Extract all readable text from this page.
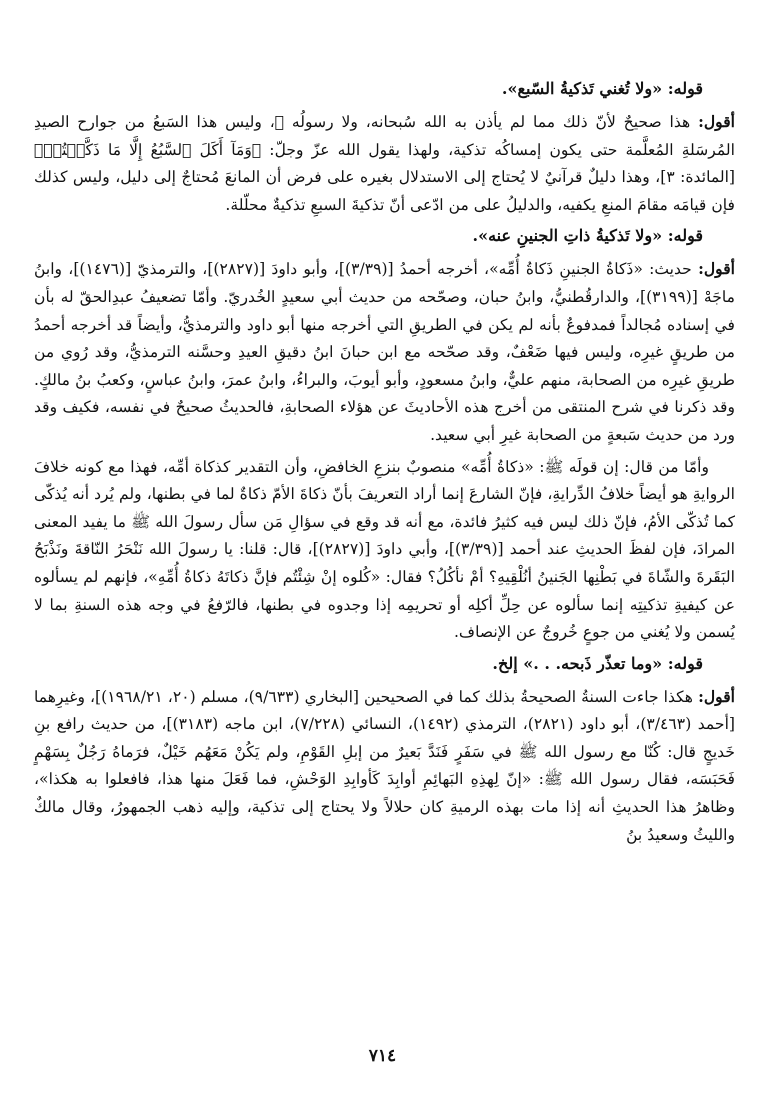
قوله: «ولا تُغني تَذكيةُ السّبع».

أقول: هذا صحيحٌ لأنّ ذلك مما لم يأذن به الله سُبحانه، ولا رسولُه ﷺ، وليس هذا السَبعُ من جوارح الصيدِ المُرسَلةِ المُعلَّمة حتى يكون إمساكُه تذكية، ولهذا يقول الله عزّ وجلّ: ﴿وَمَآ أَكَلَ ٱلسَّبُعُ إِلَّا مَا ذَكَّيۡتُمۡ﴾ [المائدة: ٣]، وهذا دليلٌ قرآنيٌ لا يُحتاج إلى الاستدلال بغيره على فرض أن المانعَ مُحتاجٌ إلى دليل، وليس كذلك فإن قيامَه مقامَ المنعِ يكفيه، والدليلُ على من ادّعى أنّ تذكيةَ السبعِ تذكيةٌ محلّلة.

قوله: «ولا تَذكيةُ ذاتِ الجنينِ عنه».

أقول: حديث: «ذَكاةُ الجنينِ ذَكاةُ أُمِّه»، أخرجه أحمدُ [(٣/٣٩)]، وأبو داودَ [(٢٨٢٧)]، والترمذيّ [(١٤٧٦)]، وابنُ ماجَهْ [(٣١٩٩)]، والدارقُطنيُّ، وابنُ حبان، وصحّحه من حديث أبي سعيدٍ الخُدريّ. وأمّا تضعيفُ عبدِالحقّ له بأن في إسناده مُجالداً فمدفوعٌ بأنه لم يكن في الطريقِ التي أخرجه منها أبو داود والترمذيُّ، وأيضاً قد أخرجه أحمدُ من طريقٍ غيرِه، وليس فيها ضَعْفٌ، وقد صحّحه مع ابن حبانَ ابنُ دقيقِ العيدِ وحسَّنه الترمذيُّ، وقد رُوي من طريقِ غيرِه من الصحابة، منهم عليٌّ، وابنُ مسعودٍ، وأبو أيوبَ، والبراءُ، وابنُ عمرَ، وابنُ عباسٍ، وكعبُ بنُ مالكٍ. وقد ذكرنا في شرح المنتقى من أخرج هذه الأحاديثَ عن هؤلاء الصحابةِ، فالحديثُ صحيحٌ في نفسه، فكيف وقد ورد من حديث سَبعةٍ من الصحابة غيرِ أبي سعيد.

وأمّا من قال: إن قولَه ﷺ: «ذكاةُ أُمِّه» منصوبٌ بنزعِ الخافضِ، وأن التقدير كذكاة أمِّه، فهذا مع كونه خلافَ الروايةِ هو أيضاً خلافُ الدِّرايةِ، فإنّ الشارعَ إنما أراد التعريفَ بأنّ ذكاةَ الأمّ ذكاةٌ لما في بطنها، ولم يُرد أنه يُذكّى كما تُذكّى الأمُ، فإنّ ذلك ليس فيه كثيرُ فائدة، مع أنه قد وقع في سؤالِ مَن سأل رسولَ الله ﷺ ما يفيد المعنى المرادَ، فإن لفظَ الحديثِ عند أحمد [(٣/٣٩)]، وأبي داودَ [(٢٨٢٧)]، قال: قلنا: يا رسولَ الله نَنْحَرُ النّاقةَ ونَذْبَحُ البَقَرةَ والشّاةَ في بَطْنِها الجَنينُ أنُلْقِيهِ؟ أمْ نأكُلُ؟ فقال: «كُلوه إنْ شِئْتُم فإنَّ ذكاتَهُ ذكاةُ أُمِّهِ»، فإنهم لم يسألوه عن كيفيةِ تذكيتِه إنما سألوه عن حِلِّ أكلِه أو تحريمِه إذا وجدوه في بطنها، فالرّفعُ في وجه هذه السنةِ بما لا يُسمن ولا يُغني من جوعٍ خُروجٌ عن الإنصاف.

قوله: «وما تعذّر ذَبحه. . .» إلخ.

أقول: هكذا جاءت السنةُ الصحيحةُ بذلك كما في الصحيحين [البخاري (٩/٦٣٣)، مسلم (٢٠، ١٩٦٨/٢١)]، وغيرِهما [أحمد (٣/٤٦٣)، أبو داود (٢٨٢١)، الترمذي (١٤٩٢)، النسائي (٧/٢٢٨)، ابن ماجه (٣١٨٣)]، من حديث رافع بنِ خَديجٍ قال: كُنّا مع رسول الله ﷺ في سَفَرٍ فَنَدَّ بَعيرٌ من إبلِ القَوْمِ، ولم يَكُنْ مَعَهُم خَيْلٌ، فرَماهُ رَجُلٌ بِسَهْمٍ فَحَبَسَه، فقال رسول الله ﷺ: «إنّ لِهذِهِ البَهائِمِ أوابِدَ كَأوابِدِ الوَحْشِ، فما فَعَلَ منها هذا، فافعلوا به هكذا»، وظاهرُ هذا الحديثِ أنه إذا مات بهذه الرميةِ كان حلالاً ولا يحتاج إلى تذكية، وإليه ذهب الجمهورُ، وقال مالكٌ والليثُ وسعيدُ بنُ

٧١٤
